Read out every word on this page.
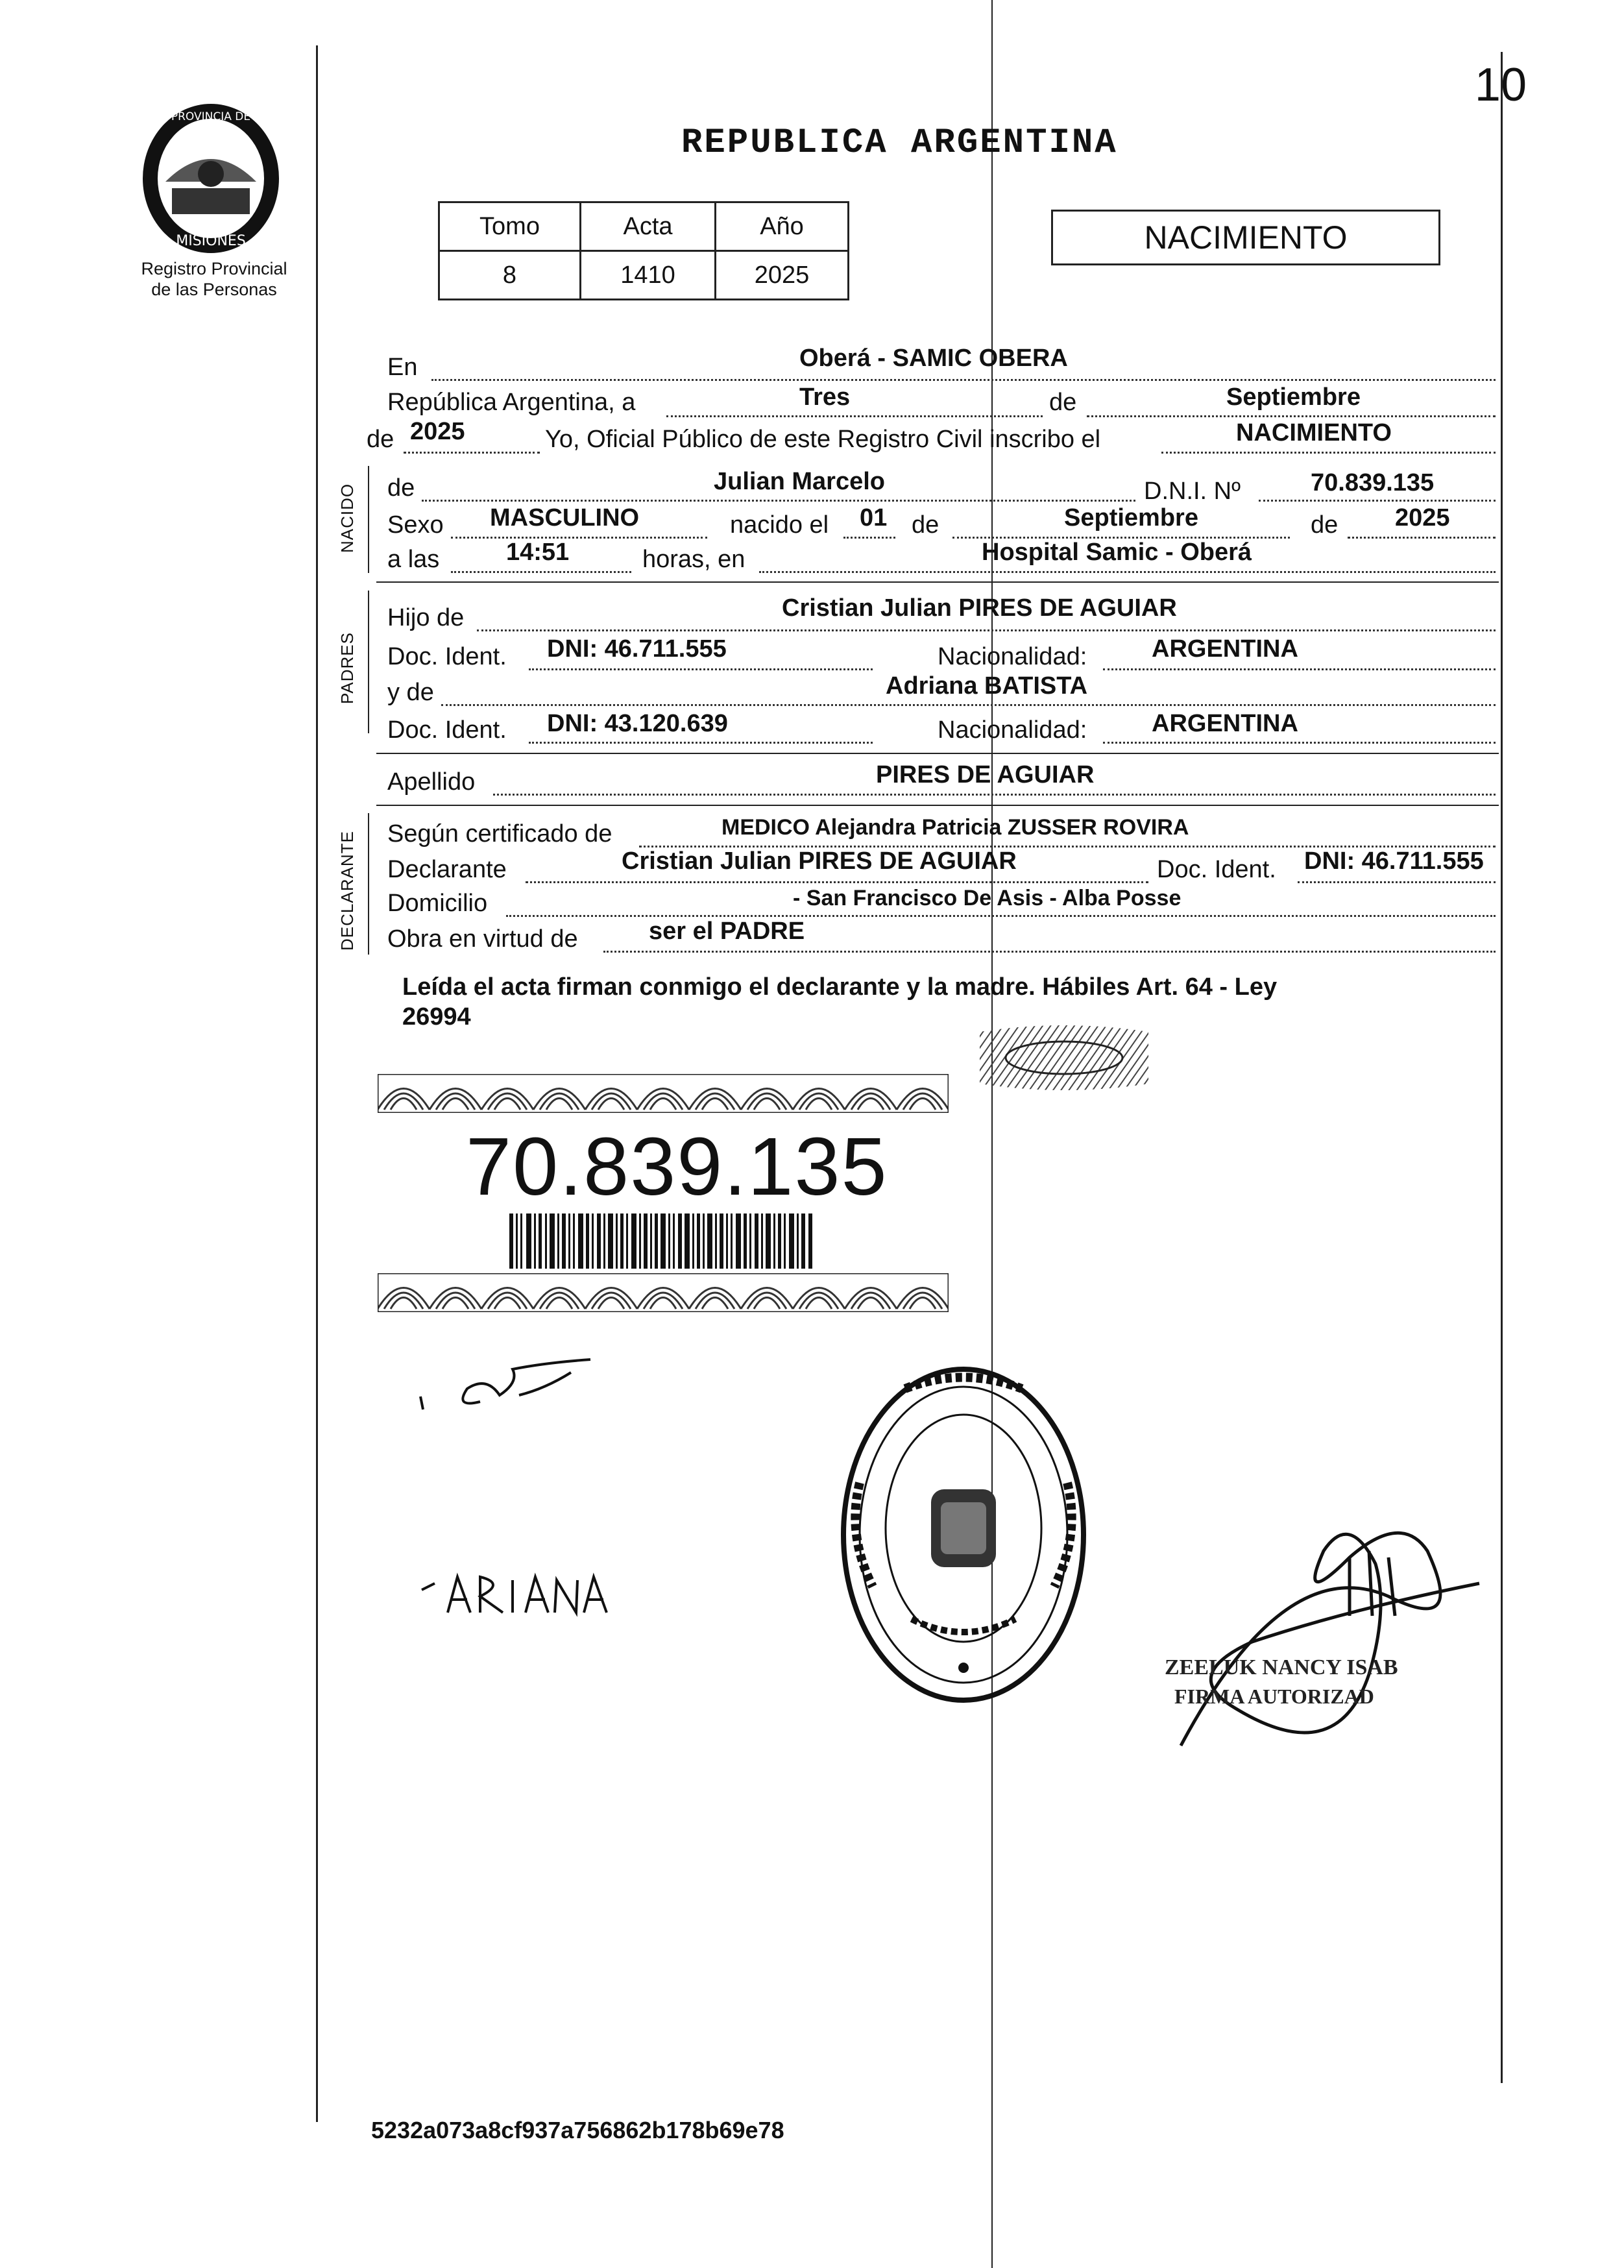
10
PROVINCIA DE
MISIONES
Registro Provincial
de las Personas
REPUBLICA ARGENTINA
Tomo	Acta	Año
8	1410	2025
NACIMIENTO
En	Oberá - SAMIC OBERA
República Argentina, a	Tres	de	Septiembre
de 2025	Yo, Oficial Público de este Registro Civil inscribo el	NACIMIENTO
NACIDO de	Julian Marcelo	D.N.I. Nº	70.839.135
Sexo MASCULINO	nacido el 01 de	Septiembre	de 2025
a las	14:51	horas, en	Hospital Samic - Oberá
PADRES
Hijo de	Cristian Julian PIRES DE AGUIAR
Doc. Ident. DNI: 46.711.555	Nacionalidad:	ARGENTINA
y de	Adriana BATISTA
Doc. Ident. DNI: 43.120.639	Nacionalidad:	ARGENTINA
Apellido	PIRES DE AGUIAR
DECLARANTE Según certificado de	MEDICO Alejandra Patricia ZUSSER ROVIRA
Declarante	Cristian Julian PIRES DE AGUIAR	Doc. Ident. DNI: 46.711.555
Domicilio	- San Francisco De Asis - Alba Posse
Obra en virtud de	ser el PADRE
Leída el acta firman conmigo el declarante y la madre. Hábiles Art. 64 - Ley
26994
70.839.135
ZEELUK NANCY ISAB
FIRMA AUTORIZAD
5232a073a8cf937a756862b178b69e78
